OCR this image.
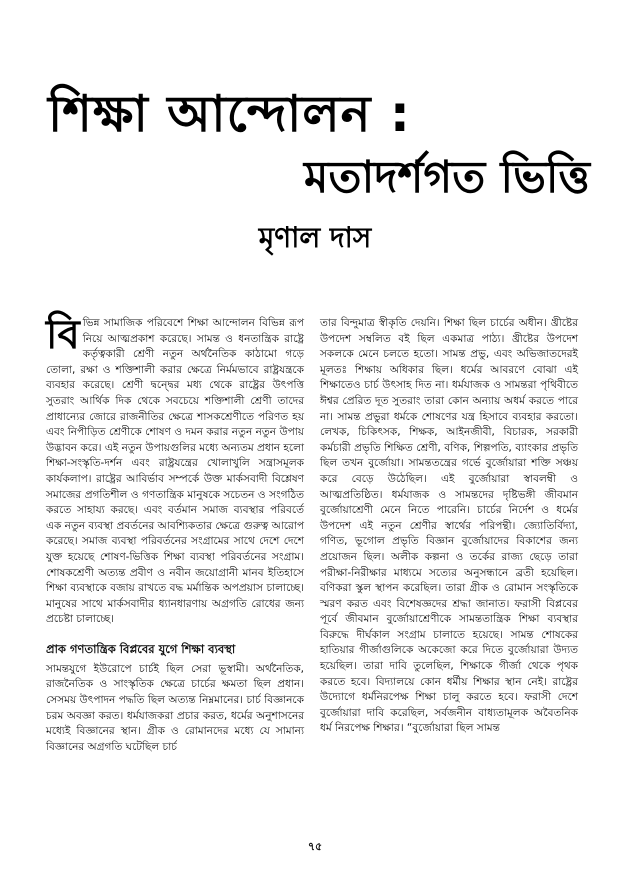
শিক্ষা আন্দোলন :
মতাদর্শগত ভিত্তি
মৃণাল দাস

বিভিন্ন সামাজিক পরিবেশে শিক্ষা আন্দোলন বিভিন্ন রূপ নিয়ে আত্মপ্রকাশ করেছে। সামন্ত ও ধনতান্ত্রিক রাষ্ট্রে কর্তৃত্বকারী শ্রেণী নতুন অর্থনৈতিক কাঠামো গড়ে তোলা, রক্ষা ও শক্তিশালী করার ক্ষেত্রে নির্মমভাবে রাষ্ট্রযন্ত্রকে ব্যবহার করেছে। শ্রেণী দ্বন্দ্বের মধ্য থেকে রাষ্ট্রের উৎপত্তি সুতরাং আর্থিক দিক থেকে সবচেয়ে শক্তিশালী শ্রেণী তাদের প্রাধান্যের জোরে রাজনীতির ক্ষেত্রে শাসকশ্রেণীতে পরিণত হয় এবং নিপীড়িত শ্রেণীকে শোষণ ও দমন করার নতুন নতুন উপায় উদ্ভাবন করে। এই নতুন উপায়গুলির মধ্যে অন্যতম প্রধান হলো শিক্ষা-সংস্কৃতি-দর্শন এবং রাষ্ট্রযন্ত্রের খোলাখুলি সন্ত্রাসমূলক কার্যকলাপ। রাষ্ট্রের আবির্ভাব সম্পর্কে উক্ত মার্কসবাদী বিশ্লেষণ সমাজের প্রগতিশীল ও গণতান্ত্রিক মানুষকে সচেতন ও সংগঠিত করতে সাহায্য করছে। এবং বর্তমান সমাজ ব্যবস্থার পরিবর্তে এক নতুন ব্যবস্থা প্রবর্তনের আবশ্যিকতার ক্ষেত্রে গুরুত্ব আরোপ করেছে। সমাজ ব্যবস্থা পরিবর্তনের সংগ্রামের সাথে দেশে দেশে যুক্ত হয়েছে শোষণ-ভিত্তিক শিক্ষা ব্যবস্থা পরিবর্তনের সংগ্রাম। শোষকশ্রেণী অত্যন্ত প্রবীণ ও নবীন জয়োগ্রানী মানব ইতিহাসে শিক্ষা ব্যবস্থাকে বজায় রাখতে বদ্ধ মর্মান্তিক অপপ্রয়াস চালাচ্ছে। মানুষের সাথে মার্কসবাদীর ধ্যানধারণায় অগ্রগতি রোধের জন্য প্রচেষ্টা চালাচ্ছে।

প্রাক গণতান্ত্রিক বিপ্লবের যুগে শিক্ষা ব্যবস্থা

সামন্তযুগে ইউরোপে চার্চই ছিল সেরা ভূস্বামী। অর্থনৈতিক, রাজনৈতিক ও সাংস্কৃতিক ক্ষেত্রে চার্চের ক্ষমতা ছিল প্রধান। সেসময় উৎপাদন পদ্ধতি ছিল অত্যন্ত নিম্নমানের। চার্চ বিজ্ঞানকে চরম অবজ্ঞা করত। ধর্মযাজকরা প্রচার করত, ধর্মের অনুশাসনের মধ্যেই বিজ্ঞানের স্থান। গ্রীক ও রোমানদের মধ্যে যে সামান্য বিজ্ঞানের অগ্রগতি ঘটেছিল চার্চ

তার বিন্দুমাত্র স্বীকৃতি দেয়নি। শিক্ষা ছিল চার্চের অধীন। খ্রীষ্টের উপদেশ সম্বলিত বই ছিল একমাত্র পাঠ্য। খ্রীষ্টের উপদেশ সকলকে মেনে চলতে হতো। সামন্ত প্রভু, এবং অভিজাতদেরই মূলতঃ শিক্ষায় অধিকার ছিল। ধর্মের আবরণে বোঝা এই শিক্ষাতেও চার্চ উৎসাহ দিত না। ধর্মযাজক ও সামন্তরা পৃথিবীতে ঈশ্বর প্রেরিত দূত সুতরাং তারা কোন অন্যায় অধর্ম করতে পারে না। সামন্ত প্রভুরা ধর্মকে শোষণের যন্ত্র হিসাবে ব্যবহার করতো। লেখক, চিকিৎসক, শিক্ষক, আইনজীবী, বিচারক, সরকারী কর্মচারী প্রভৃতি শিক্ষিত শ্রেণী, বণিক, শিল্পপতি, ব্যাংকার প্রভৃতি ছিল তখন বুর্জোয়া। সামন্ততন্ত্রের গর্ভে বুর্জোয়ারা শক্তি সঞ্চয় করে বেড়ে উঠেছিল। এই বুর্জোয়ারা স্বাবলম্বী ও আত্মপ্রতিষ্ঠিত। ধর্মযাজক ও সামন্তদের দৃষ্টিভঙ্গী জীবমান বুর্জোয়াশ্রেণী মেনে নিতে পারেনি। চার্চের নির্দেশ ও ধর্মের উপদেশ এই নতুন শ্রেণীর স্বার্থের পরিপন্থী। জ্যোতির্বিদ্যা, গণিত, ভূগোল প্রভৃতি বিজ্ঞান বুর্জোয়াদের বিকাশের জন্য প্রয়োজন ছিল। অলীক কল্পনা ও তর্কের রাজ্য ছেড়ে তারা পরীক্ষা-নিরীক্ষার মাধ্যমে সত্যের অনুসন্ধানে ব্রতী হয়েছিল। বণিকরা স্কুল স্থাপন করেছিল। তারা গ্রীক ও রোমান সংস্কৃতিকে স্মরণ করত এবং বিশেষজ্ঞদের শ্রদ্ধা জানাত। ফরাসী বিপ্লবের পূর্বে জীবমান বুর্জোয়াশ্রেণীকে সামন্ততান্ত্রিক শিক্ষা ব্যবস্থার বিরুদ্ধে দীর্ঘকাল সংগ্রাম চালাতে হয়েছে। সামন্ত শোষকের হাতিয়ার গীর্জাগুলিকে অকেজো করে দিতে বুর্জোয়ারা উদ্যত হয়েছিল। তারা দাবি তুলেছিল, শিক্ষাকে গীর্জা থেকে পৃথক করতে হবে। বিদ্যালয়ে কোন ধর্মীয় শিক্ষার স্থান নেই। রাষ্ট্রের উদ্যোগে ধর্মনিরপেক্ষ শিক্ষা চালু করতে হবে। ফরাসী দেশে বুর্জোয়ারা দাবি করেছিল, সর্বজনীন বাধ্যতামূলক অবৈতনিক ধর্ম নিরপেক্ষ শিক্ষার। “বুর্জোয়ারা ছিল সামন্ত

৭৫
